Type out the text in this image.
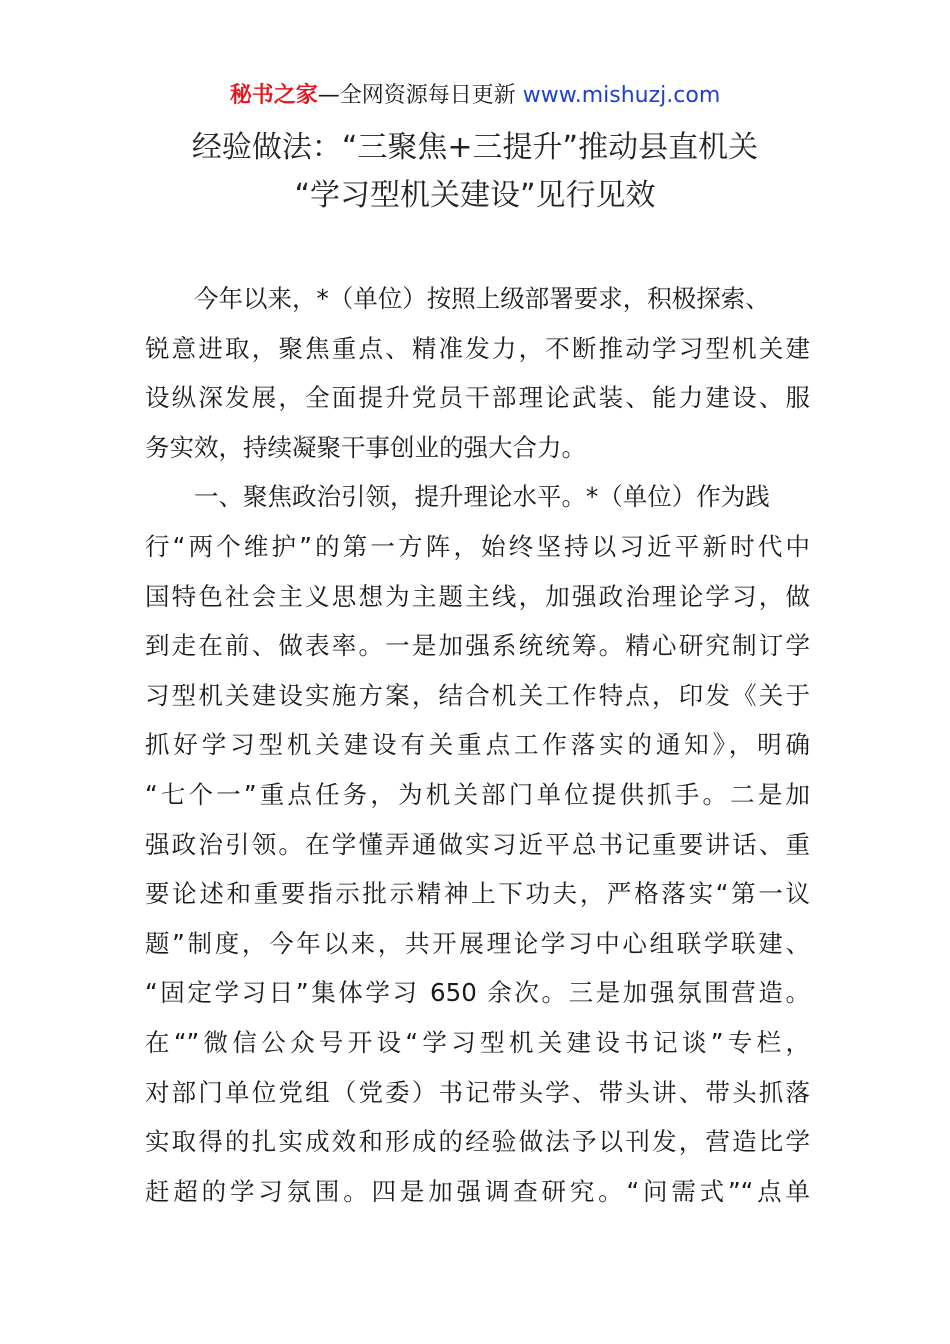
秘书之家—全网资源每日更新 www.mishuzj.com
经验做法：“三聚焦+三提升”推动县直机关
“学习型机关建设”见行见效
今年以来，*（单位）按照上级部署要求，积极探索、
锐意进取，聚焦重点、精准发力，不断推动学习型机关建
设纵深发展，全面提升党员干部理论武装、能力建设、服
务实效，持续凝聚干事创业的强大合力。
一、聚焦政治引领，提升理论水平。*（单位）作为践
行“两个维护”的第一方阵，始终坚持以习近平新时代中
国特色社会主义思想为主题主线，加强政治理论学习，做
到走在前、做表率。一是加强系统统筹。精心研究制订学
习型机关建设实施方案，结合机关工作特点，印发《关于
抓好学习型机关建设有关重点工作落实的通知》，明确
“七个一”重点任务，为机关部门单位提供抓手。二是加
强政治引领。在学懂弄通做实习近平总书记重要讲话、重
要论述和重要指示批示精神上下功夫，严格落实“第一议
题”制度，今年以来，共开展理论学习中心组联学联建、
“固定学习日”集体学习 650 余次。三是加强氛围营造。
在“”微信公众号开设“学习型机关建设书记谈”专栏，
对部门单位党组（党委）书记带头学、带头讲、带头抓落
实取得的扎实成效和形成的经验做法予以刊发，营造比学
赶超的学习氛围。四是加强调查研究。“问需式”“点单
